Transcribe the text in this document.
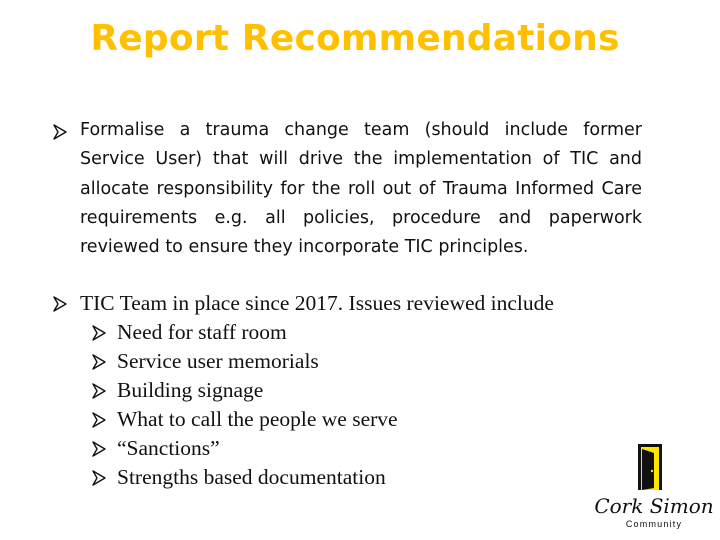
Report Recommendations
Formalise a trauma change team (should include former Service User) that will drive the implementation of TIC and allocate responsibility for the roll out of Trauma Informed Care requirements e.g. all policies, procedure and paperwork reviewed to ensure they incorporate TIC principles.
TIC Team in place since 2017. Issues reviewed include
Need for staff room
Service user memorials
Building signage
What to call the people we serve
“Sanctions”
Strengths based documentation
Cork Simon
Community
